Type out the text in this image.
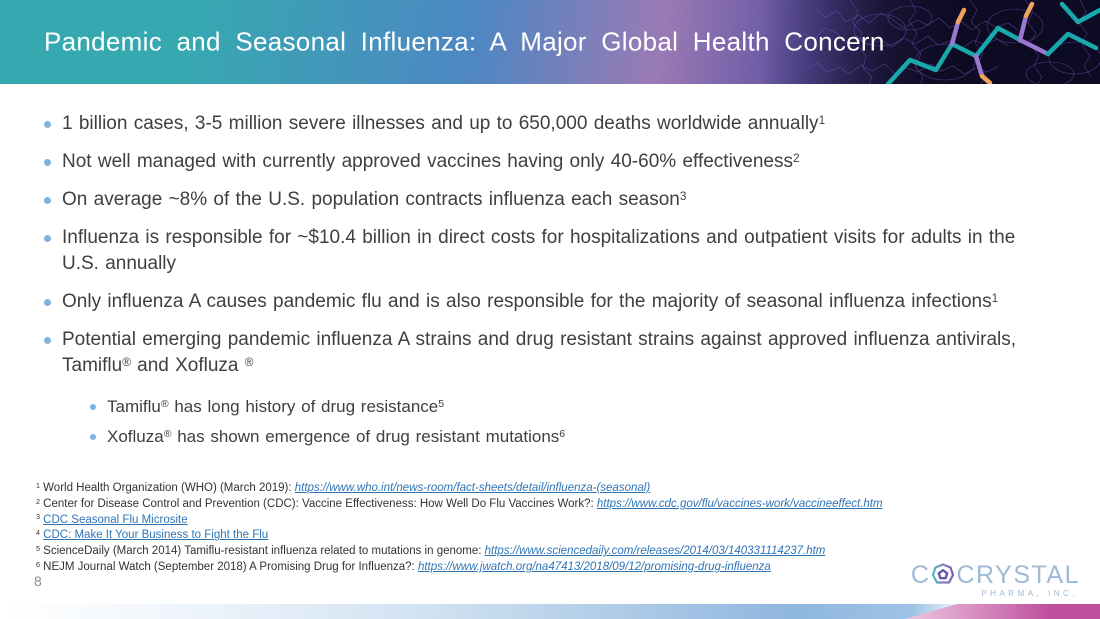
Pandemic and Seasonal Influenza: A Major Global Health Concern
1 billion cases, 3-5 million severe illnesses and up to 650,000 deaths worldwide annually$^1$
Not well managed with currently approved vaccines having only 40-60% effectiveness$^2$
On average ~8% of the U.S. population contracts influenza each season$^3$
Influenza is responsible for ~$10.4 billion in direct costs for hospitalizations and outpatient visits for adults in the U.S. annually
Only influenza A causes pandemic flu and is also responsible for the majority of seasonal influenza infections$^1$
Potential emerging pandemic influenza A strains and drug resistant strains against approved influenza antivirals, Tamiflu® and Xofluza ®
Tamiflu® has long history of drug resistance$^5$
Xofluza® has shown emergence of drug resistant mutations$^6$
$^1$ World Health Organization (WHO) (March 2019): https://www.who.int/news-room/fact-sheets/detail/influenza-(seasonal)
$^2$ Center for Disease Control and Prevention (CDC): Vaccine Effectiveness: How Well Do Flu Vaccines Work?: https://www.cdc.gov/flu/vaccines-work/vaccineeffect.htm
$^3$ CDC Seasonal Flu Microsite
$^4$ CDC: Make It Your Business to Fight the Flu
$^5$ ScienceDaily (March 2014) Tamiflu-resistant influenza related to mutations in genome: https://www.sciencedaily.com/releases/2014/03/140331114237.htm
$^6$ NEJM Journal Watch (September 2018) A Promising Drug for Influenza?: https://www.jwatch.org/na47413/2018/09/12/promising-drug-influenza
8	C CRYSTAL
PHARMA, INC.
